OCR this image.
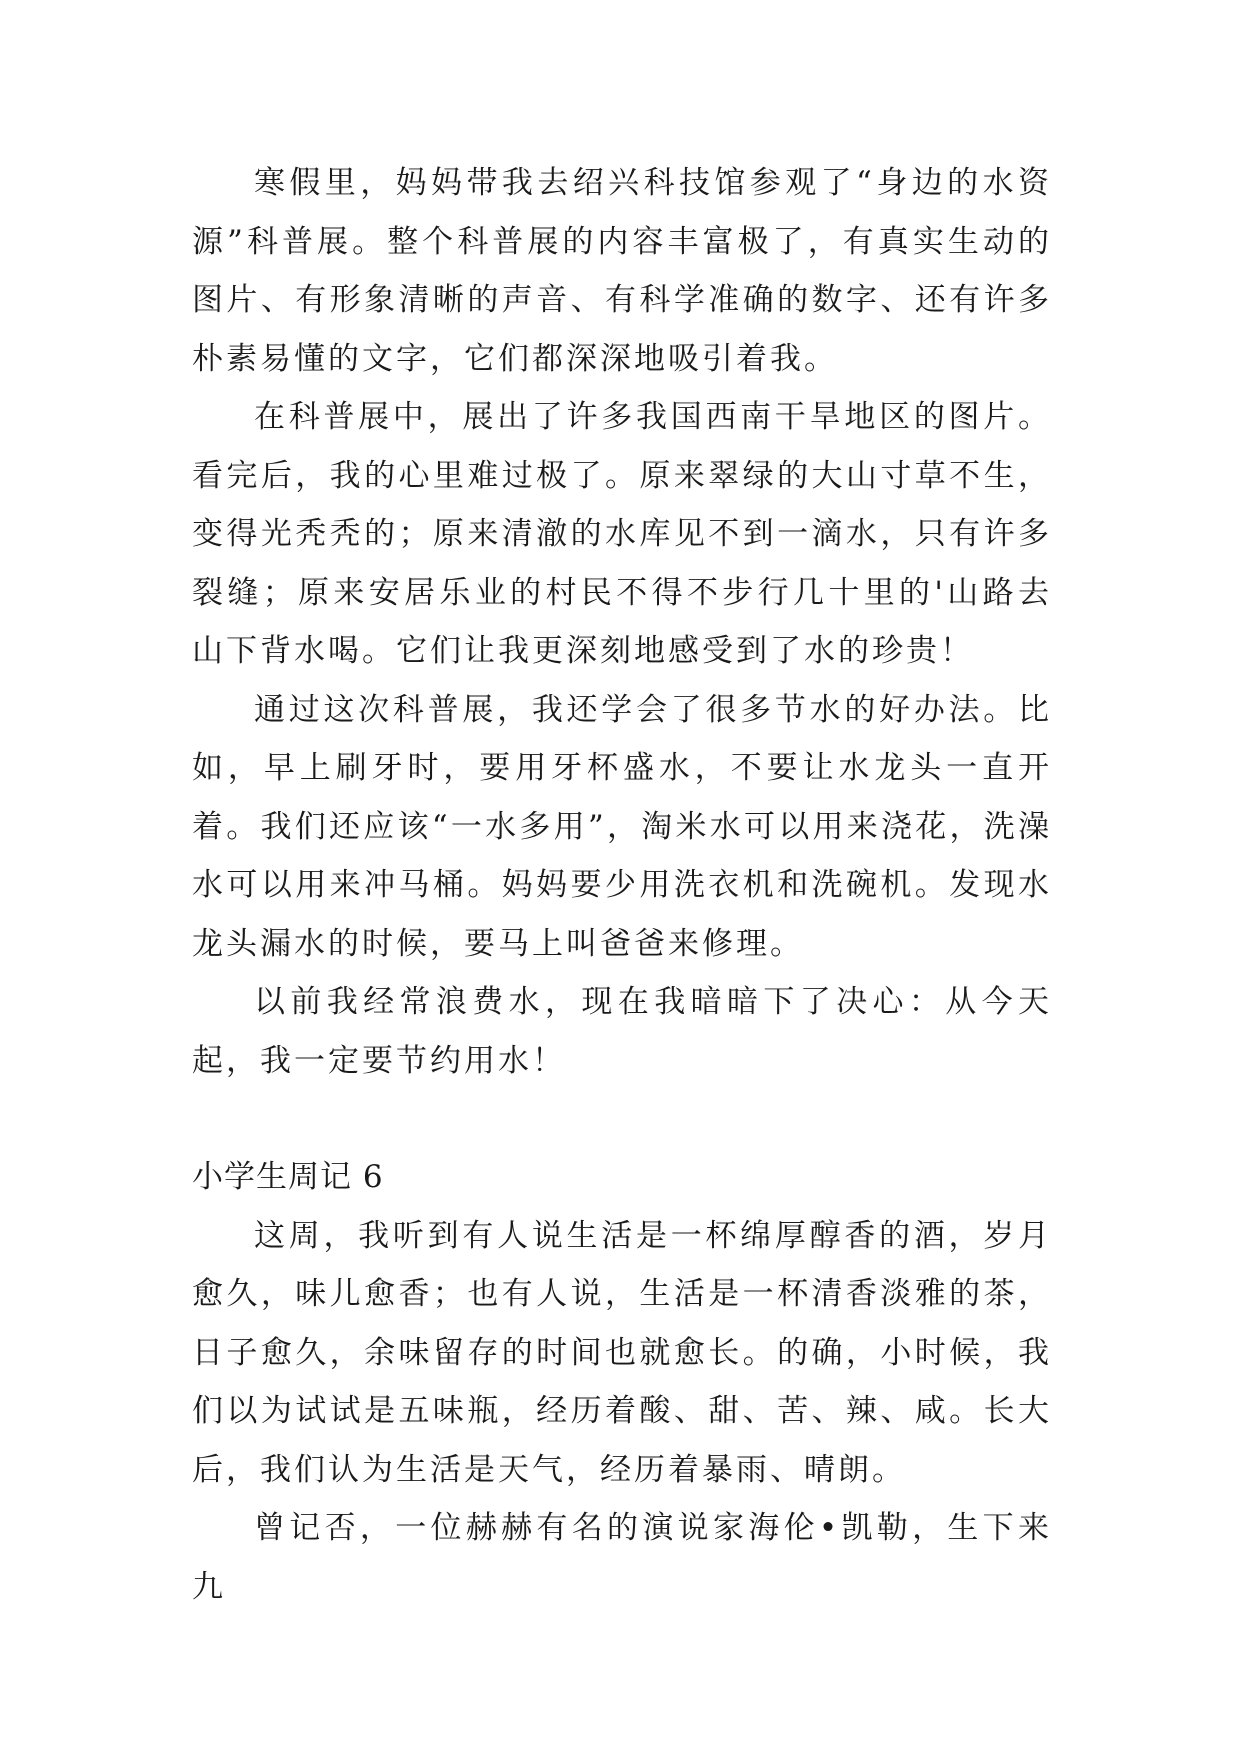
寒假里，妈妈带我去绍兴科技馆参观了“身边的水资源”科普展。整个科普展的内容丰富极了，有真实生动的图片、有形象清晰的声音、有科学准确的数字、还有许多朴素易懂的文字，它们都深深地吸引着我。

在科普展中，展出了许多我国西南干旱地区的图片。看完后，我的心里难过极了。原来翠绿的大山寸草不生，变得光秃秃的；原来清澈的水库见不到一滴水，只有许多裂缝；原来安居乐业的村民不得不步行几十里的'山路去山下背水喝。它们让我更深刻地感受到了水的珍贵！

通过这次科普展，我还学会了很多节水的好办法。比如，早上刷牙时，要用牙杯盛水，不要让水龙头一直开着。我们还应该“一水多用”，淘米水可以用来浇花，洗澡水可以用来冲马桶。妈妈要少用洗衣机和洗碗机。发现水龙头漏水的时候，要马上叫爸爸来修理。

以前我经常浪费水，现在我暗暗下了决心：从今天起，我一定要节约用水！

小学生周记 6

这周，我听到有人说生活是一杯绵厚醇香的酒，岁月愈久，味儿愈香；也有人说，生活是一杯清香淡雅的茶，日子愈久，余味留存的时间也就愈长。的确，小时候，我们以为试试是五味瓶，经历着酸、甜、苦、辣、咸。长大后，我们认为生活是天气，经历着暴雨、晴朗。

曾记否，一位赫赫有名的演说家海伦•凯勒，生下来九
